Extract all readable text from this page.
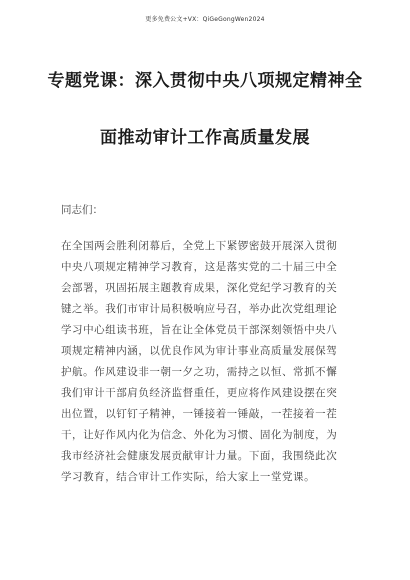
更多免费公文+VX：QiGeGongWen2024
专题党课：深入贯彻中央八项规定精神全
面推动审计工作高质量发展
同志们：
在全国两会胜利闭幕后，全党上下紧锣密鼓开展深入贯彻
中央八项规定精神学习教育，这是落实党的二十届三中全
会部署，巩固拓展主题教育成果，深化党纪学习教育的关
键之举。我们市审计局积极响应号召，举办此次党组理论
学习中心组读书班，旨在让全体党员干部深刻领悟中央八
项规定精神内涵，以优良作风为审计事业高质量发展保驾
护航。作风建设非一朝一夕之功，需持之以恒、常抓不懈
我们审计干部肩负经济监督重任，更应将作风建设摆在突
出位置，以钉钉子精神，一锤接着一锤敲，一茬接着一茬
干，让好作风内化为信念、外化为习惯、固化为制度，为
我市经济社会健康发展贡献审计力量。下面，我围绕此次
学习教育，结合审计工作实际，给大家上一堂党课。
